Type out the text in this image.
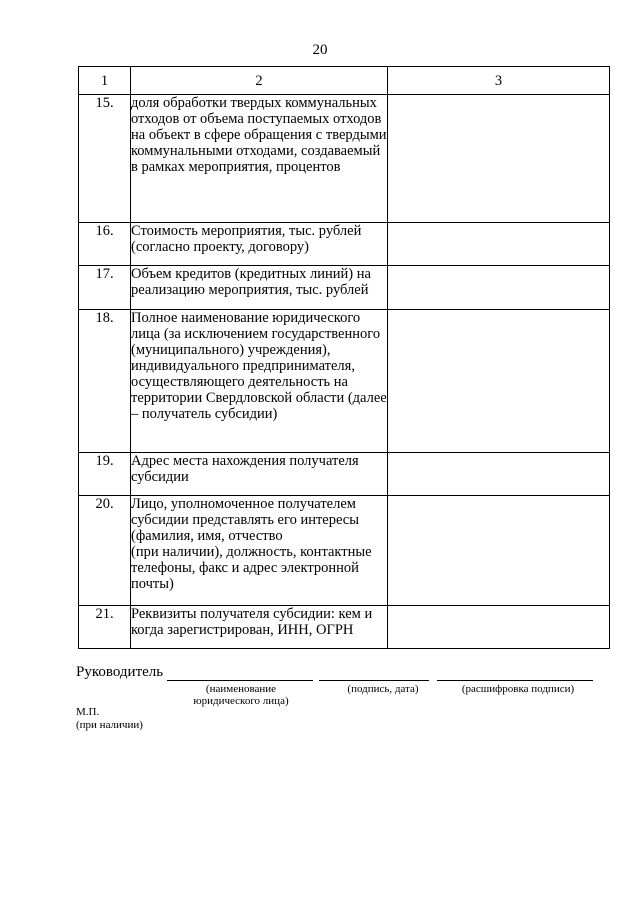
20
1	2	3
15.	доля обработки твердых коммунальных отходов от объема поступаемых отходов на объект в сфере обращения с твердыми коммунальными отходами, создаваемый в рамках мероприятия, процентов	
16.	Стоимость мероприятия, тыс. рублей (согласно проекту, договору)	
17.	Объем кредитов (кредитных линий) на реализацию мероприятия, тыс. рублей	
18.	Полное наименование юридического лица (за исключением государственного (муниципального) учреждения), индивидуального предпринимателя, осуществляющего деятельность на территории Свердловской области (далее – получатель субсидии)	
19.	Адрес места нахождения получателя субсидии	
20.	Лицо, уполномоченное получателем субсидии представлять его интересы (фамилия, имя, отчество
(при наличии), должность, контактные телефоны, факс и адрес электронной почты)	
21.	Реквизиты получателя субсидии: кем и когда зарегистрирован, ИНН, ОГРН	
Руководитель
(наименование
юридического лица)
(подпись, дата)	(расшифровка подписи)
М.П.
(при наличии)
